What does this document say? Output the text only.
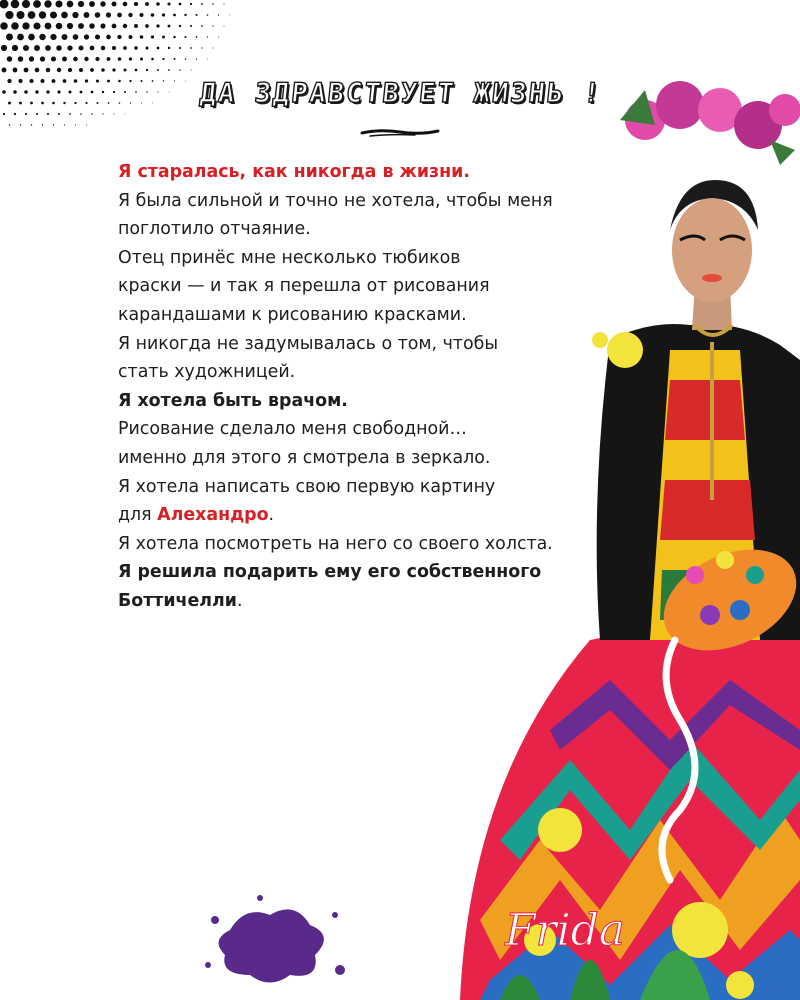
ДА ЗДРАВСТВУЕТ ЖИЗНЬ !
Я старалась, как никогда в жизни.
Я была сильной и точно не хотела, чтобы меня
поглотило отчаяние.
Отец принёс мне несколько тюбиков
краски — и так я перешла от рисования
карандашами к рисованию красками.
Я никогда не задумывалась о том, чтобы
стать художницей.
Я хотела быть врачом.
Рисование сделало меня свободной…
именно для этого я смотрела в зеркало.
Я хотела написать свою первую картину
для Алехандро.
Я хотела посмотреть на него со своего холста.
Я решила подарить ему его собственного
Боттичелли.
Frida
